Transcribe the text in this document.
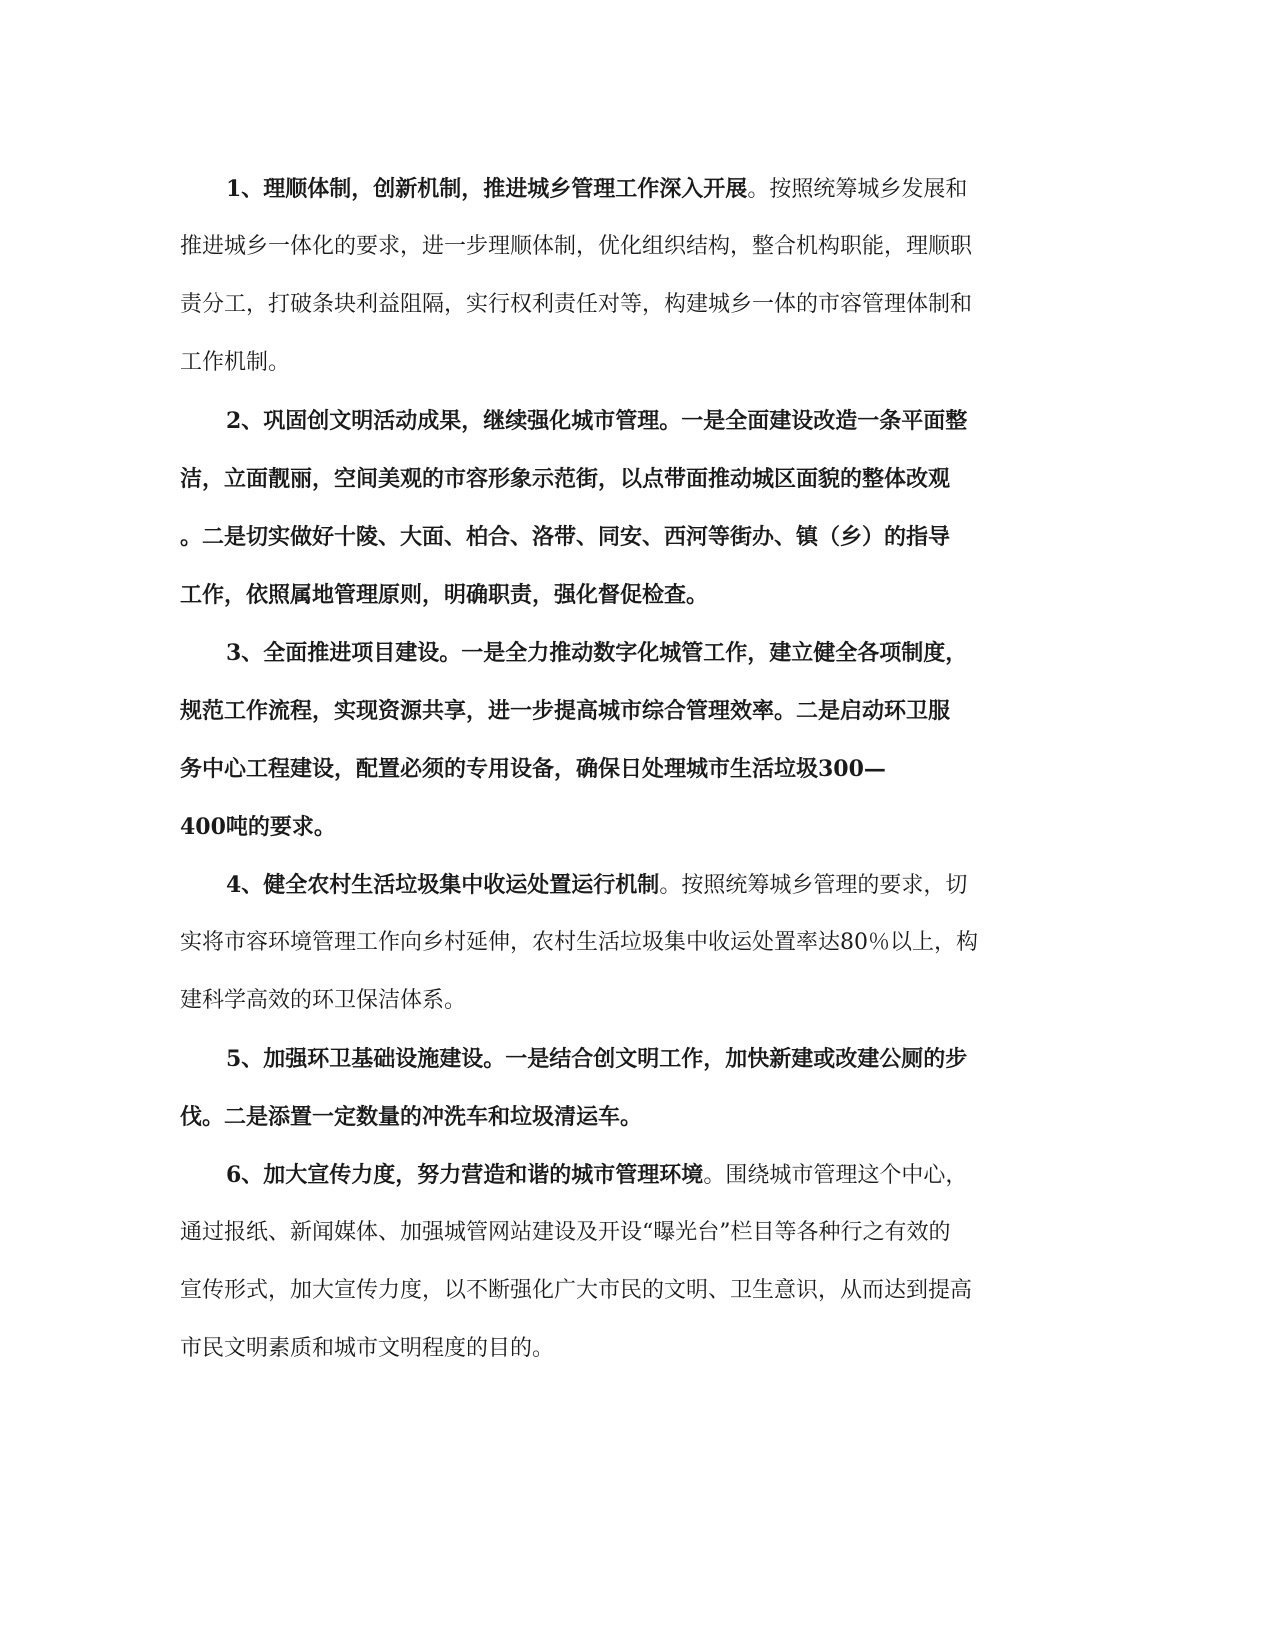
1、理顺体制，创新机制，推进城乡管理工作深入开展。按照统筹城乡发展和
推进城乡一体化的要求，进一步理顺体制，优化组织结构，整合机构职能，理顺职
责分工，打破条块利益阻隔，实行权利责任对等，构建城乡一体的市容管理体制和
工作机制。
2、巩固创文明活动成果，继续强化城市管理。一是全面建设改造一条平面整
洁，立面靓丽，空间美观的市容形象示范街，以点带面推动城区面貌的整体改观
。二是切实做好十陵、大面、柏合、洛带、同安、西河等街办、镇（乡）的指导
工作，依照属地管理原则，明确职责，强化督促检查。
3、全面推进项目建设。一是全力推动数字化城管工作，建立健全各项制度，
规范工作流程，实现资源共享，进一步提高城市综合管理效率。二是启动环卫服
务中心工程建设，配置必须的专用设备，确保日处理城市生活垃圾300—
400吨的要求。
4、健全农村生活垃圾集中收运处置运行机制。按照统筹城乡管理的要求，切
实将市容环境管理工作向乡村延伸，农村生活垃圾集中收运处置率达80％以上，构
建科学高效的环卫保洁体系。
5、加强环卫基础设施建设。一是结合创文明工作，加快新建或改建公厕的步
伐。二是添置一定数量的冲洗车和垃圾清运车。
6、加大宣传力度，努力营造和谐的城市管理环境。围绕城市管理这个中心，
通过报纸、新闻媒体、加强城管网站建设及开设“曝光台”栏目等各种行之有效的
宣传形式，加大宣传力度，以不断强化广大市民的文明、卫生意识，从而达到提高
市民文明素质和城市文明程度的目的。
